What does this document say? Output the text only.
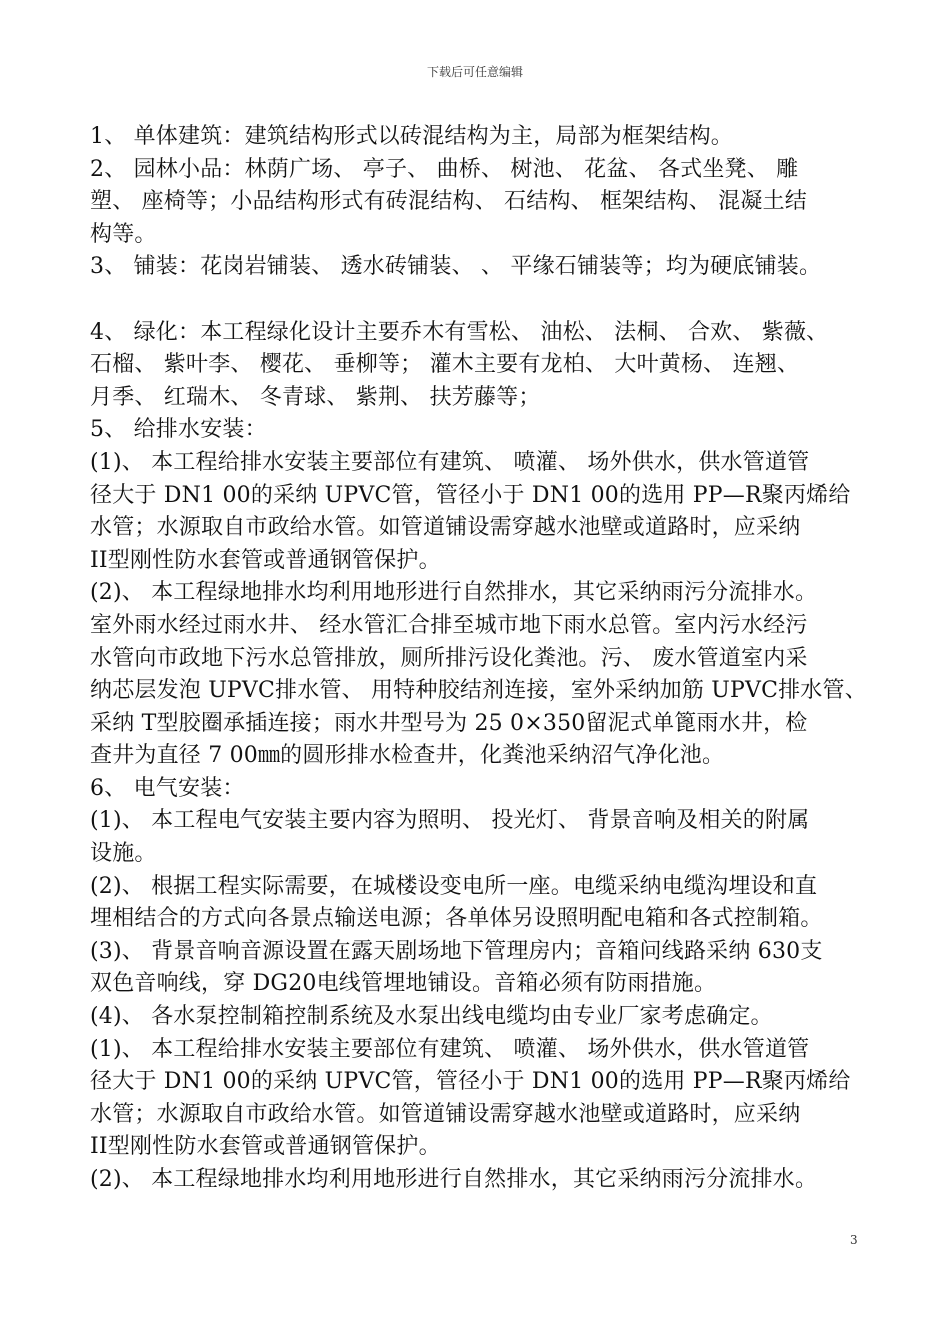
下载后可任意编辑
1、 单体建筑：建筑结构形式以砖混结构为主，局部为框架结构。
2、 园林小品：林荫广场、 亭子、 曲桥、 树池、 花盆、 各式坐凳、 雕
塑、 座椅等；小品结构形式有砖混结构、 石结构、 框架结构、 混凝土结
构等。
3、 铺装：花岗岩铺装、 透水砖铺装、 、 平缘石铺装等；均为硬底铺装。
4、 绿化：本工程绿化设计主要乔木有雪松、 油松、 法桐、 合欢、 紫薇、
石榴、 紫叶李、 樱花、 垂柳等； 灌木主要有龙柏、 大叶黄杨、 连翘、
月季、 红瑞木、 冬青球、 紫荆、 扶芳藤等；
5、 给排水安装：
(1)、 本工程给排水安装主要部位有建筑、 喷灌、 场外供水，供水管道管
径大于 DN1 00的采纳 UPVC管，管径小于 DN1 00的选用 PP—R聚丙烯给
水管；水源取自市政给水管。如管道铺设需穿越水池壁或道路时，应采纳
II型刚性防水套管或普通钢管保护。
(2)、 本工程绿地排水均利用地形进行自然排水，其它采纳雨污分流排水。
室外雨水经过雨水井、 经水管汇合排至城市地下雨水总管。室内污水经污
水管向市政地下污水总管排放，厕所排污设化粪池。污、 废水管道室内采
纳芯层发泡 UPVC排水管、 用特种胶结剂连接，室外采纳加筋 UPVC排水管、
采纳 T型胶圈承插连接；雨水井型号为 25 0×350留泥式单篦雨水井，检
查井为直径 7 00㎜的圆形排水检查井，化粪池采纳沼气净化池。
6、 电气安装：
(1)、 本工程电气安装主要内容为照明、 投光灯、 背景音响及相关的附属
设施。
(2)、 根据工程实际需要，在城楼设变电所一座。电缆采纳电缆沟埋设和直
埋相结合的方式向各景点输送电源；各单体另设照明配电箱和各式控制箱。
(3)、 背景音响音源设置在露天剧场地下管理房内；音箱问线路采纳 630支
双色音响线，穿 DG20电线管埋地铺设。音箱必须有防雨措施。
(4)、 各水泵控制箱控制系统及水泵出线电缆均由专业厂家考虑确定。
(1)、 本工程给排水安装主要部位有建筑、 喷灌、 场外供水，供水管道管
径大于 DN1 00的采纳 UPVC管，管径小于 DN1 00的选用 PP—R聚丙烯给
水管；水源取自市政给水管。如管道铺设需穿越水池壁或道路时，应采纳
II型刚性防水套管或普通钢管保护。
(2)、 本工程绿地排水均利用地形进行自然排水，其它采纳雨污分流排水。
3
